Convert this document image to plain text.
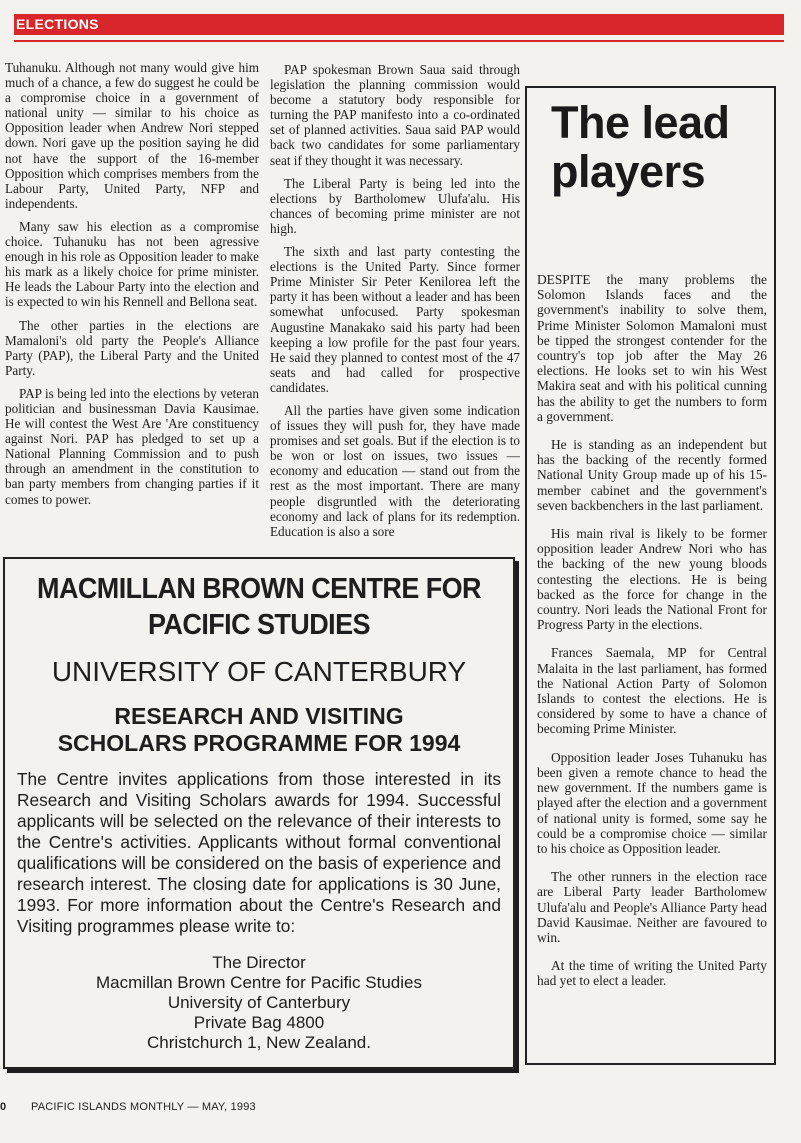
ELECTIONS

Tuhanuku. Although not many would give him much of a chance, a few do suggest he could be a compromise choice in a government of national unity — similar to his choice as Opposition leader when Andrew Nori stepped down. Nori gave up the position saying he did not have the support of the 16-member Opposition which comprises members from the Labour Party, United Party, NFP and independents.

Many saw his election as a compromise choice. Tuhanuku has not been agressive enough in his role as Opposition leader to make his mark as a likely choice for prime minister. He leads the Labour Party into the election and is expected to win his Rennell and Bellona seat.

The other parties in the elections are Mamaloni's old party the People's Alliance Party (PAP), the Liberal Party and the United Party.

PAP is being led into the elections by veteran politician and businessman Davia Kausimae. He will contest the West Are 'Are constituency against Nori. PAP has pledged to set up a National Planning Commission and to push through an amendment in the constitution to ban party members from changing parties if it comes to power.

PAP spokesman Brown Saua said through legislation the planning commission would become a statutory body responsible for turning the PAP manifesto into a co-ordinated set of planned activities. Saua said PAP would back two candidates for some parliamentary seat if they thought it was necessary.

The Liberal Party is being led into the elections by Bartholomew Ulufa'alu. His chances of becoming prime minister are not high.

The sixth and last party contesting the elections is the United Party. Since former Prime Minister Sir Peter Kenilorea left the party it has been without a leader and has been somewhat unfocused. Party spokesman Augustine Manakako said his party had been keeping a low profile for the past four years. He said they planned to contest most of the 47 seats and had called for prospective candidates.

All the parties have given some indication of issues they will push for, they have made promises and set goals. But if the election is to be won or lost on issues, two issues — economy and education — stand out from the rest as the most important. There are many people disgruntled with the deteriorating economy and lack of plans for its redemption. Education is also a sore

The lead
players

DESPITE the many problems the Solomon Islands faces and the government's inability to solve them, Prime Minister Solomon Mamaloni must be tipped the strongest contender for the country's top job after the May 26 elections. He looks set to win his West Makira seat and with his political cunning has the ability to get the numbers to form a government.

He is standing as an independent but has the backing of the recently formed National Unity Group made up of his 15-member cabinet and the government's seven backbenchers in the last parliament.

His main rival is likely to be former opposition leader Andrew Nori who has the backing of the new young bloods contesting the elections. He is being backed as the force for change in the country. Nori leads the National Front for Progress Party in the elections.

Frances Saemala, MP for Central Malaita in the last parliament, has formed the National Action Party of Solomon Islands to contest the elections. He is considered by some to have a chance of becoming Prime Minister.

Opposition leader Joses Tuhanuku has been given a remote chance to head the new government. If the numbers game is played after the election and a government of national unity is formed, some say he could be a compromise choice — similar to his choice as Opposition leader.

The other runners in the election race are Liberal Party leader Bartholomew Ulufa'alu and People's Alliance Party head David Kausimae. Neither are favoured to win.

At the time of writing the United Party had yet to elect a leader.

MACMILLAN BROWN CENTRE FOR
PACIFIC STUDIES
UNIVERSITY OF CANTERBURY
RESEARCH AND VISITING
SCHOLARS PROGRAMME FOR 1994
The Centre invites applications from those interested in its Research and Visiting Scholars awards for 1994. Successful applicants will be selected on the relevance of their interests to the Centre's activities. Applicants without formal conventional qualifications will be considered on the basis of experience and research interest. The closing date for applications is 30 June, 1993. For more information about the Centre's Research and Visiting programmes please write to:
The Director
Macmillan Brown Centre for Pacific Studies
University of Canterbury
Private Bag 4800
Christchurch 1, New Zealand.
0 PACIFIC ISLANDS MONTHLY — MAY, 1993
